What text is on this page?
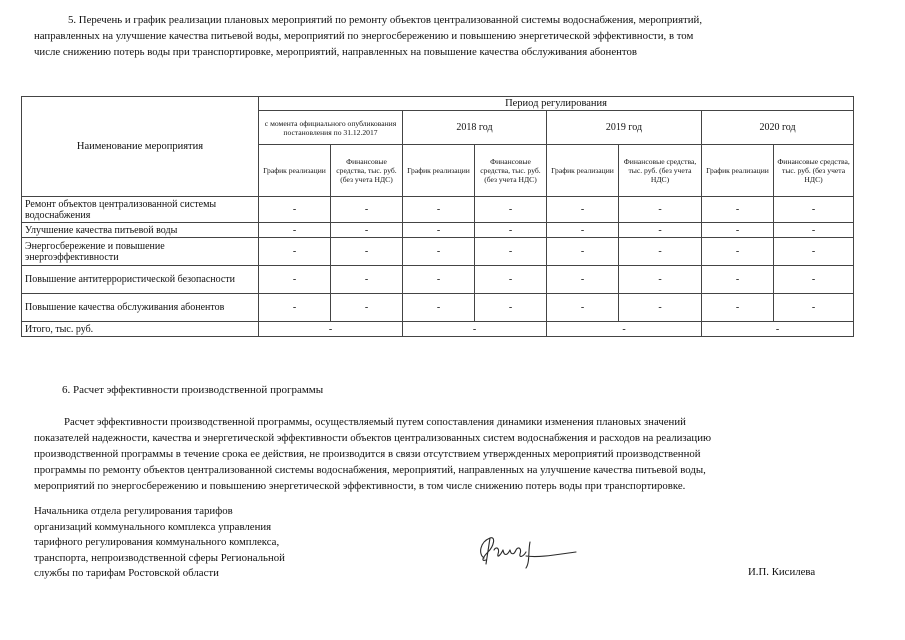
5. Перечень и график реализации плановых мероприятий по ремонту объектов централизованной системы водоснабжения, мероприятий,
направленных на улучшение качества питьевой воды, мероприятий по энергосбережению и повышению энергетической эффективности, в том
числе снижению потерь воды при транспортировке, мероприятий, направленных на повышение качества обслуживания абонентов
Наименование мероприятия	Период регулирования							
	с момента официального опубликования постановления по 31.12.2017		2018 год		2019 год		2020 год	
	График реализации	Финансовые средства, тыс. руб. (без учета НДС)	График реализации	Финансовые средства, тыс. руб. (без учета НДС)	График реализации	Финансовые средства, тыс. руб. (без учета НДС)	График реализации	Финансовые средства, тыс. руб. (без учета НДС)
Ремонт объектов централизованной системы водоснабжения	-	-	-	-	-	-	-	-
Улучшение качества питьевой воды	-	-	-	-	-	-	-	-
Энергосбережение и повышение энергоэффективности	-	-	-	-	-	-	-	-
Повышение антитеррористической безопасности	-	-	-	-	-	-	-	-
Повышение качества обслуживания абонентов	-	-	-	-	-	-	-	-
Итого, тыс. руб.	-		-		-		-	
6. Расчет эффективности производственной программы
Расчет эффективности производственной программы, осуществляемый путем сопоставления динамики изменения плановых значений
показателей надежности, качества и энергетической эффективности объектов централизованных систем водоснабжения и расходов на реализацию
производственной программы в течение срока ее действия, не производится в связи отсутствием утвержденных мероприятий производственной
программы по ремонту объектов централизованной системы водоснабжения, мероприятий, направленных на улучшение качества питьевой воды,
мероприятий по энергосбережению и повышению энергетической эффективности, в том числе снижению потерь воды при транспортировке.
Начальника отдела регулирования тарифов
организаций коммунального комплекса управления
тарифного регулирования коммунального комплекса,
транспорта, непроизводственной сферы Региональной
службы по тарифам Ростовской области	И.П. Кисилева
